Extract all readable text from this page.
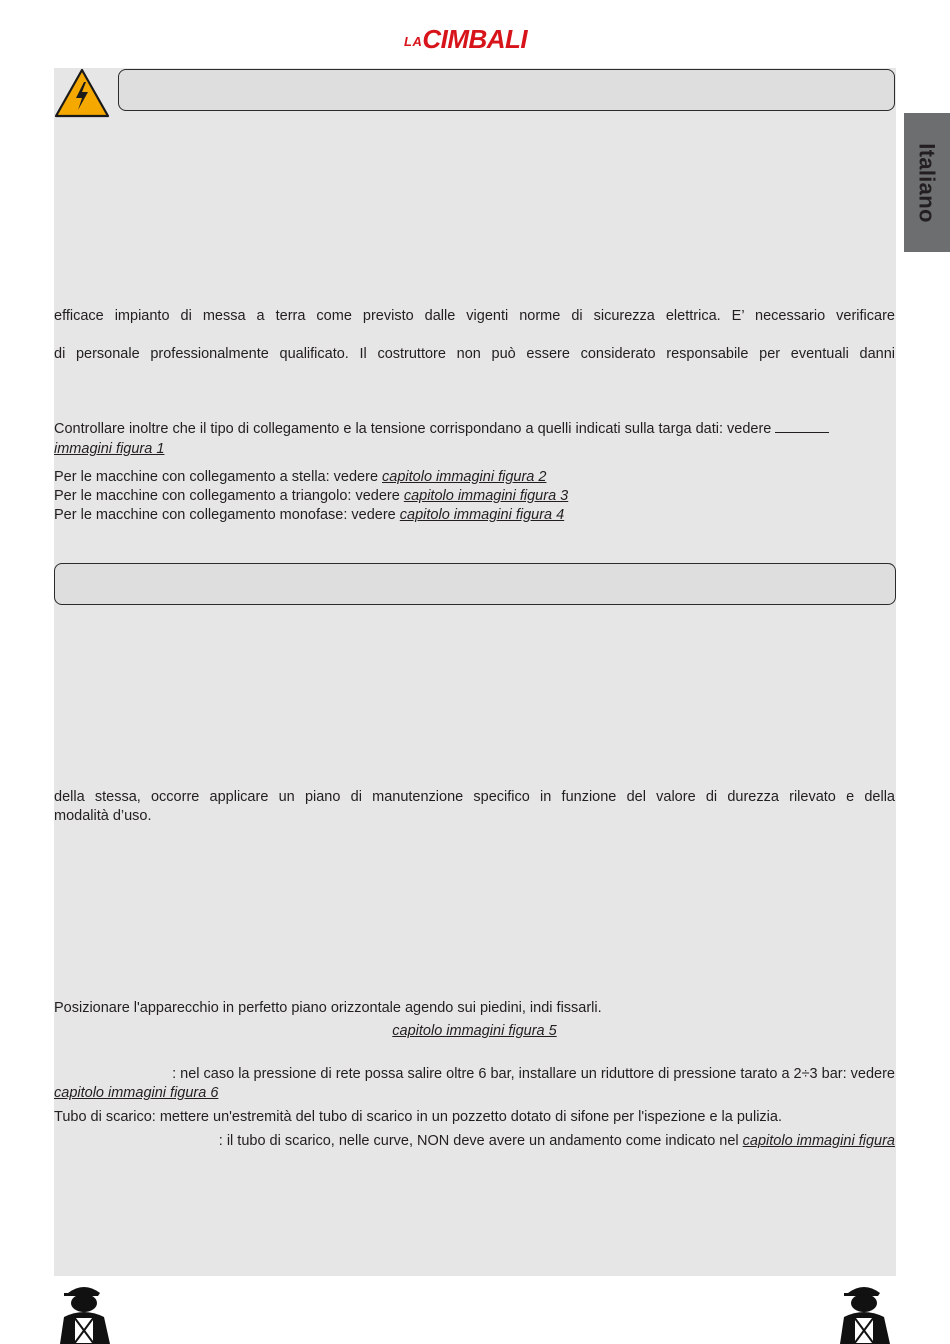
LA CIMBALI
Italiano
efficace impianto di messa a terra come previsto dalle vigenti norme di sicurezza elettrica. E’ necessario verificare
di personale professionalmente qualificato. Il costruttore non può essere considerato responsabile per eventuali danni
Controllare inoltre che il tipo di collegamento e la tensione corrispondano a quelli indicati sulla targa dati: vedere
immagini figura 1
Per le macchine con collegamento a stella: vedere capitolo immagini figura 2
Per le macchine con collegamento a triangolo: vedere capitolo immagini figura 3
Per le macchine con collegamento monofase: vedere capitolo immagini figura 4
della stessa, occorre applicare un piano di manutenzione specifico in funzione del valore di durezza rilevato e della
modalità d’uso.
Posizionare l'apparecchio in perfetto piano orizzontale agendo sui piedini, indi fissarli.
capitolo immagini figura 5
: nel caso la pressione di rete possa salire oltre 6 bar, installare un riduttore di pressione tarato a 2÷3 bar: vedere
capitolo immagini figura 6
Tubo di scarico: mettere un'estremità del tubo di scarico in un pozzetto dotato di sifone per l'ispezione e la pulizia.
: il tubo di scarico, nelle curve, NON deve avere un andamento come indicato nel capitolo immagini figura
